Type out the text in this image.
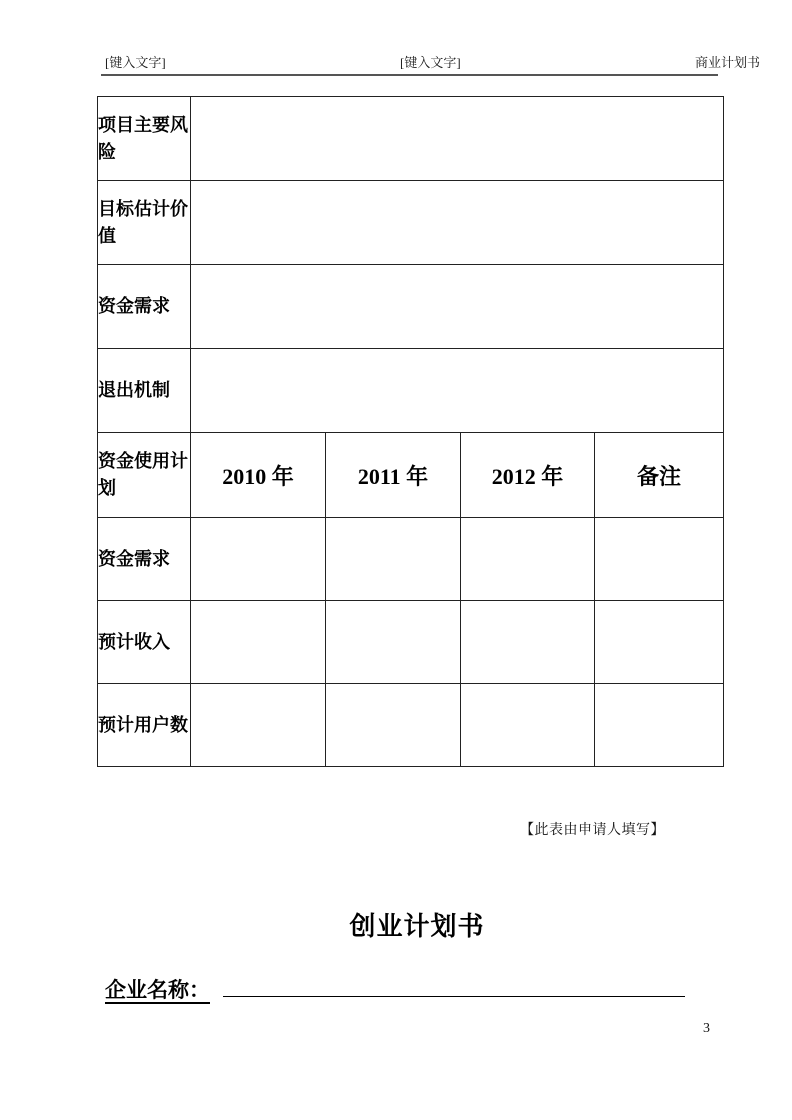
[键入文字]	[键入文字]	商业计划书
项目主要风险				
目标估计价值				
资金需求				
退出机制				
资金使用计划	2010 年	2011 年	2012 年	备注
资金需求				
预计收入				
预计用户数				
【此表由申请人填写】
创业计划书
企业名称：
3
